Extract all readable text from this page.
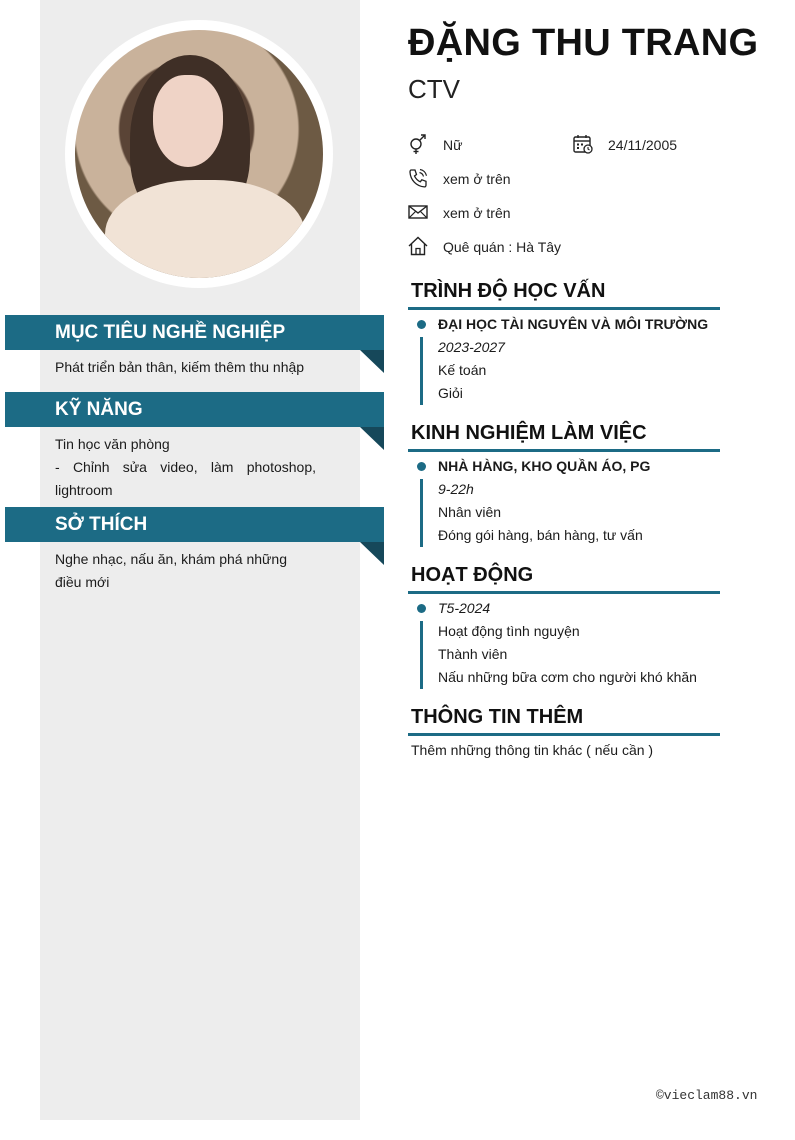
MỤC TIÊU NGHỀ NGHIỆP
Phát triển bản thân, kiếm thêm thu nhập
KỸ NĂNG
Tin học văn phòng
- Chỉnh sửa video, làm photoshop, lightroom
SỞ THÍCH
Nghe nhạc, nấu ăn, khám phá những điều mới
ĐẶNG THU TRANG
CTV
Nữ	24/11/2005
xem ở trên
xem ở trên
Quê quán : Hà Tây
TRÌNH ĐỘ HỌC VẤN
ĐẠI HỌC TÀI NGUYÊN VÀ MÔI TRƯỜNG
2023-2027
Kế toán
Giỏi
KINH NGHIỆM LÀM VIỆC
NHÀ HÀNG, KHO QUẦN ÁO, PG
9-22h
Nhân viên
Đóng gói hàng, bán hàng, tư vấn
HOẠT ĐỘNG
T5-2024
Hoạt động tình nguyện
Thành viên
Nấu những bữa cơm cho người khó khăn
THÔNG TIN THÊM
Thêm những thông tin khác ( nếu cần )
©vieclam88.vn
